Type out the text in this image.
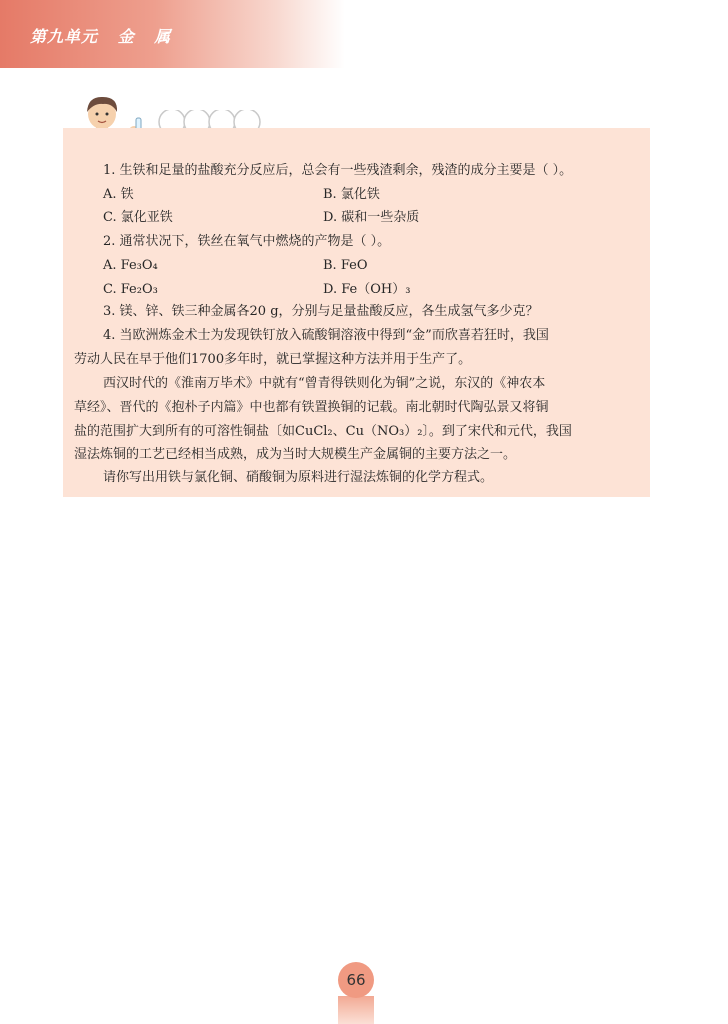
第九单元   金   属
1. 生铁和足量的盐酸充分反应后，总会有一些残渣剩余，残渣的成分主要是（ ）。
A. 铁	B. 氯化铁
C. 氯化亚铁	D. 碳和一些杂质
2. 通常状况下，铁丝在氧气中燃烧的产物是（ ）。
A. Fe₃O₄	B. FeO
C. Fe₂O₃	D. Fe（OH）₃
3. 镁、锌、铁三种金属各20 g，分别与足量盐酸反应，各生成氢气多少克？
4. 当欧洲炼金术士为发现铁钉放入硫酸铜溶液中得到“金”而欣喜若狂时，我国
劳动人民在早于他们1700多年时，就已掌握这种方法并用于生产了。
西汉时代的《淮南万毕术》中就有“曾青得铁则化为铜”之说，东汉的《神农本
草经》、晋代的《抱朴子内篇》中也都有铁置换铜的记载。南北朝时代陶弘景又将铜
盐的范围扩大到所有的可溶性铜盐〔如CuCl₂、Cu（NO₃）₂〕。到了宋代和元代，我国
湿法炼铜的工艺已经相当成熟，成为当时大规模生产金属铜的主要方法之一。
请你写出用铁与氯化铜、硝酸铜为原料进行湿法炼铜的化学方程式。
66
